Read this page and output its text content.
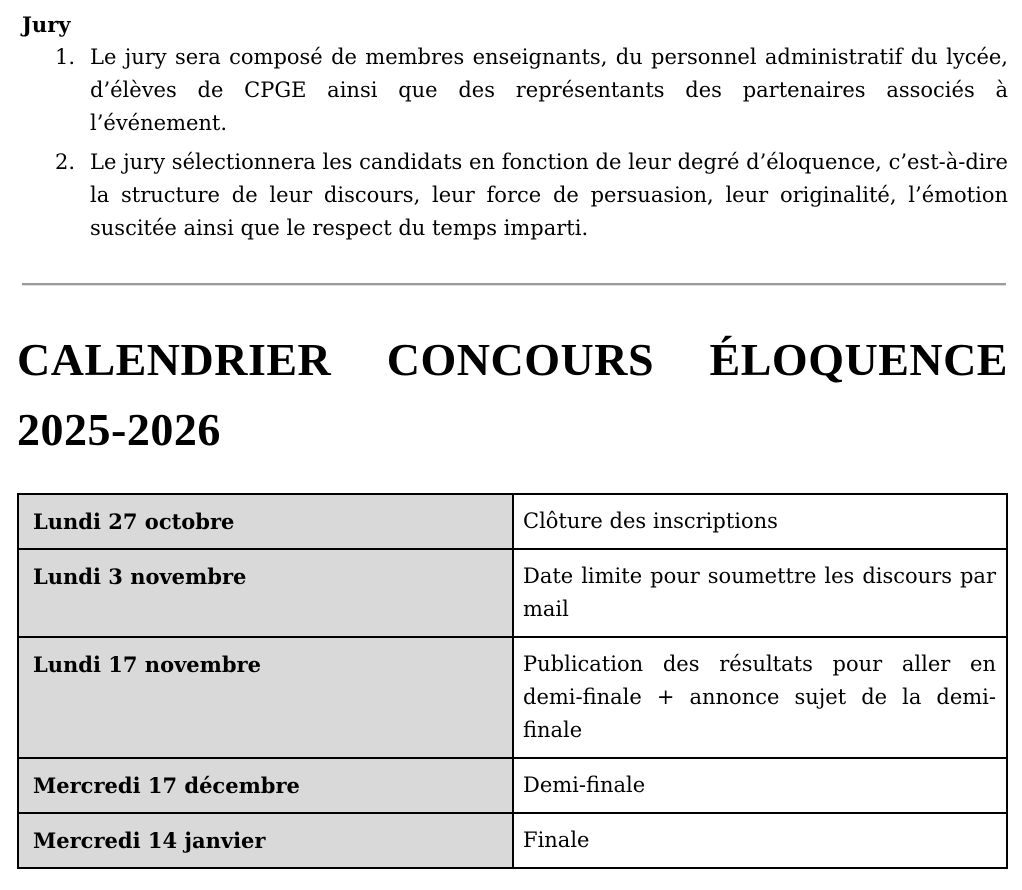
Jury
1. Le jury sera composé de membres enseignants, du personnel administratif du lycée, d’élèves de CPGE ainsi que des représentants des partenaires associés à l’événement.
2. Le jury sélectionnera les candidats en fonction de leur degré d’éloquence, c’est-à-dire la structure de leur discours, leur force de persuasion, leur originalité, l’émotion suscitée ainsi que le respect du temps imparti.
CALENDRIER CONCOURS ÉLOQUENCE
2025-2026
Lundi 27 octobre	Clôture des inscriptions
Lundi 3 novembre	Date limite pour soumettre les discours par mail
Lundi 17 novembre	Publication des résultats pour aller en demi-finale + annonce sujet de la demi-finale
Mercredi 17 décembre	Demi-finale
Mercredi 14 janvier	Finale
